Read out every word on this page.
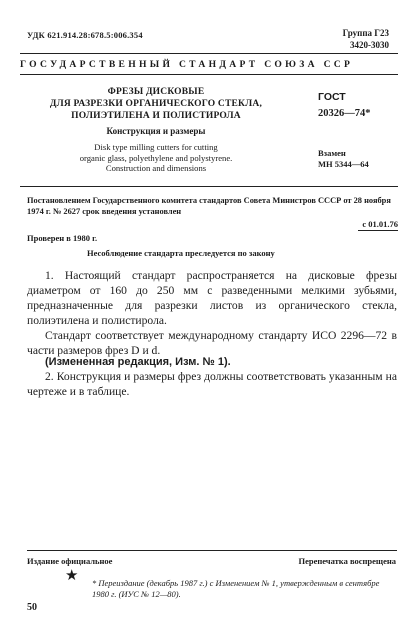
УДК 621.914.28:678.5:006.354	Группа Г23
3420-3030
ГОСУДАРСТВЕННЫЙ СТАНДАРТ СОЮЗА ССР
ФРЕЗЫ ДИСКОВЫЕ
ДЛЯ РАЗРЕЗКИ ОРГАНИЧЕСКОГО СТЕКЛА,
ПОЛИЭТИЛЕНА И ПОЛИСТИРОЛА
Конструкция и размеры
Disk type milling cutters for cutting
organic glass, polyethylene and polystyrene.
Construction and dimensions
ГОСТ
20326—74*
Взамен
МН 5344—64
Постановлением Государственного комитета стандартов Совета Министров СССР от 28 ноября 1974 г. № 2627 срок введения установлен
с 01.01.76
Проверен в 1980 г.
Несоблюдение стандарта преследуется по закону
1. Настоящий стандарт распространяется на дисковые фрезы диаметром от 160 до 250 мм с разведенными мелкими зубьями, предназначенные для разрезки листов из органического стекла, полиэтилена и полистирола.
Стандарт соответствует международному стандарту ИСО 2296—72 в части размеров фрез D и d.
(Измененная редакция, Изм. № 1).
2. Конструкция и размеры фрез должны соответствовать указанным на чертеже и в таблице.
Издание официальное	Перепечатка воспрещена
★ * Переиздание (декабрь 1987 г.) с Изменением № 1, утвержденным в сентябре 1980 г. (ИУС № 12—80).
50
